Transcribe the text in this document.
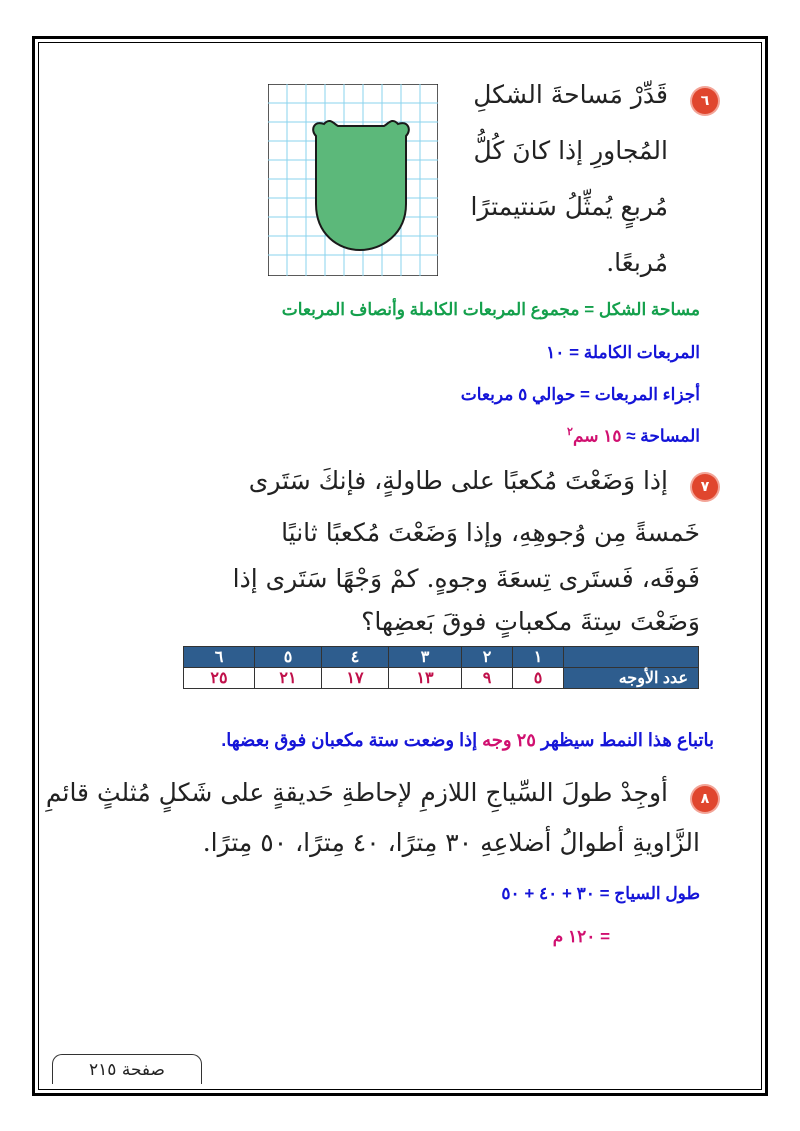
٦
قَدِّرْ مَساحةَ الشكلِ
المُجاورِ إذا كانَ كُلُّ
مُربعٍ يُمثِّلُ سَنتيمترًا
مُربعًا.
مساحة الشكل = مجموع المربعات الكاملة وأنصاف المربعات
المربعات الكاملة = ١٠
أجزاء المربعات = حوالي ٥ مربعات
المساحة ≈ ١٥ سم$^٢$
٧
إذا وَضَعْتَ مُكعبًا على طاولةٍ، فإنكَ سَتَرى
خَمسةً مِن وُجوهِهِ، وإذا وَضَعْتَ مُكعبًا ثانيًا
فَوقَه، فَستَرى تِسعَةَ وجوهٍ. كمْ وَجْهًا سَتَرى إذا
وَضَعْتَ سِتةَ مكعباتٍ فوقَ بَعضِها؟
	١	٢	٣	٤	٥	٦
عدد الأوجه	٥	٩	١٣	١٧	٢١	٢٥
باتباع هذا النمط سيظهر ٢٥ وجه إذا وضعت ستة مكعبان فوق بعضها.
٨
أوجِدْ طولَ السِّياجِ اللازمِ لإحاطةِ حَديقةٍ على شَكلٍ مُثلثٍ قائمِ
الزَّاويةِ أطوالُ أضلاعِهِ ٣٠ مِترًا، ٤٠ مِترًا، ٥٠ مِترًا.
طول السياج = ٣٠ + ٤٠ + ٥٠
= ١٢٠ م
صفحة ٢١٥
